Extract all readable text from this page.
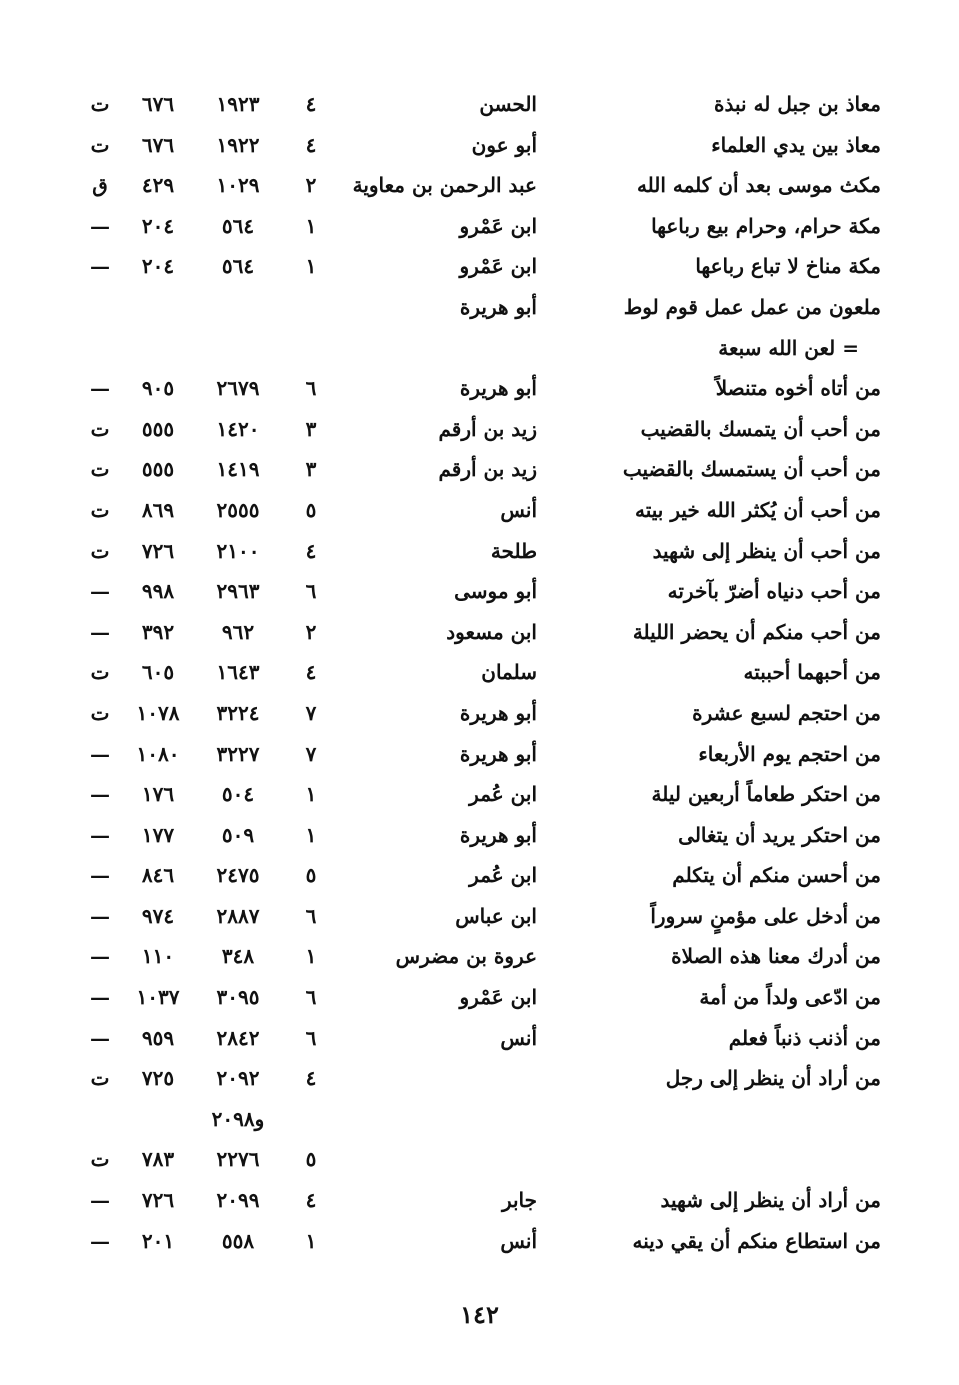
معاذ بن جبل له نبذة
الحسن
٤
١٩٢٣
٦٧٦
ت
معاذ بين يدي العلماء
أبو عون
٤
١٩٢٢
٦٧٦
ت
مكث موسى بعد أن كلمه الله
عبد الرحمن بن معاوية
٢
١٠٢٩
٤٢٩
ق
مكة حرام، وحرام بيع رباعها
ابن عَمْرو
١
٥٦٤
٢٠٤
—
مكة مناخ لا تباع رباعها
ابن عَمْرو
١
٥٦٤
٢٠٤
—
ملعون من عمل عمل قوم لوط
أبو هريرة
= لعن الله سبعة
من أتاه أخوه متنصلاً
أبو هريرة
٦
٢٦٧٩
٩٠٥
—
من أحب أن يتمسك بالقضيب
زيد بن أرقم
٣
١٤٢٠
٥٥٥
ت
من أحب أن يستمسك بالقضيب
زيد بن أرقم
٣
١٤١٩
٥٥٥
ت
من أحب أن يُكثر الله خير بيته
أنس
٥
٢٥٥٥
٨٦٩
ت
من أحب أن ينظر إلى شهيد
طلحة
٤
٢١٠٠
٧٢٦
ت
من أحب دنياه أضرّ بآخرته
أبو موسى
٦
٢٩٦٣
٩٩٨
—
من أحب منكم أن يحضر الليلة
ابن مسعود
٢
٩٦٢
٣٩٢
—
من أحبهما أحببته
سلمان
٤
١٦٤٣
٦٠٥
ت
من احتجم لسبع عشرة
أبو هريرة
٧
٣٢٢٤
١٠٧٨
ت
من احتجم يوم الأربعاء
أبو هريرة
٧
٣٢٢٧
١٠٨٠
—
من احتكر طعاماً أربعين ليلة
ابن عُمر
١
٥٠٤
١٧٦
—
من احتكر يريد أن يتغالى
أبو هريرة
١
٥٠٩
١٧٧
—
من أحسن منكم أن يتكلم
ابن عُمر
٥
٢٤٧٥
٨٤٦
—
من أدخل على مؤمنٍ سروراً
ابن عباس
٦
٢٨٨٧
٩٧٤
—
من أدرك معنا هذه الصلاة
عروة بن مضرس
١
٣٤٨
١١٠
—
من ادّعى ولداً من أمة
ابن عَمْرو
٦
٣٠٩٥
١٠٣٧
—
من أذنب ذنباً فعلم
أنس
٦
٢٨٤٢
٩٥٩
—
من أراد أن ينظر إلى رجل
٤
٢٠٩٢
٧٢٥
ت
و٢٠٩٨
٥
٢٢٧٦
٧٨٣
ت
من أراد أن ينظر إلى شهيد
جابر
٤
٢٠٩٩
٧٢٦
—
من استطاع منكم أن يقي دينه
أنس
١
٥٥٨
٢٠١
—
١٤٢
